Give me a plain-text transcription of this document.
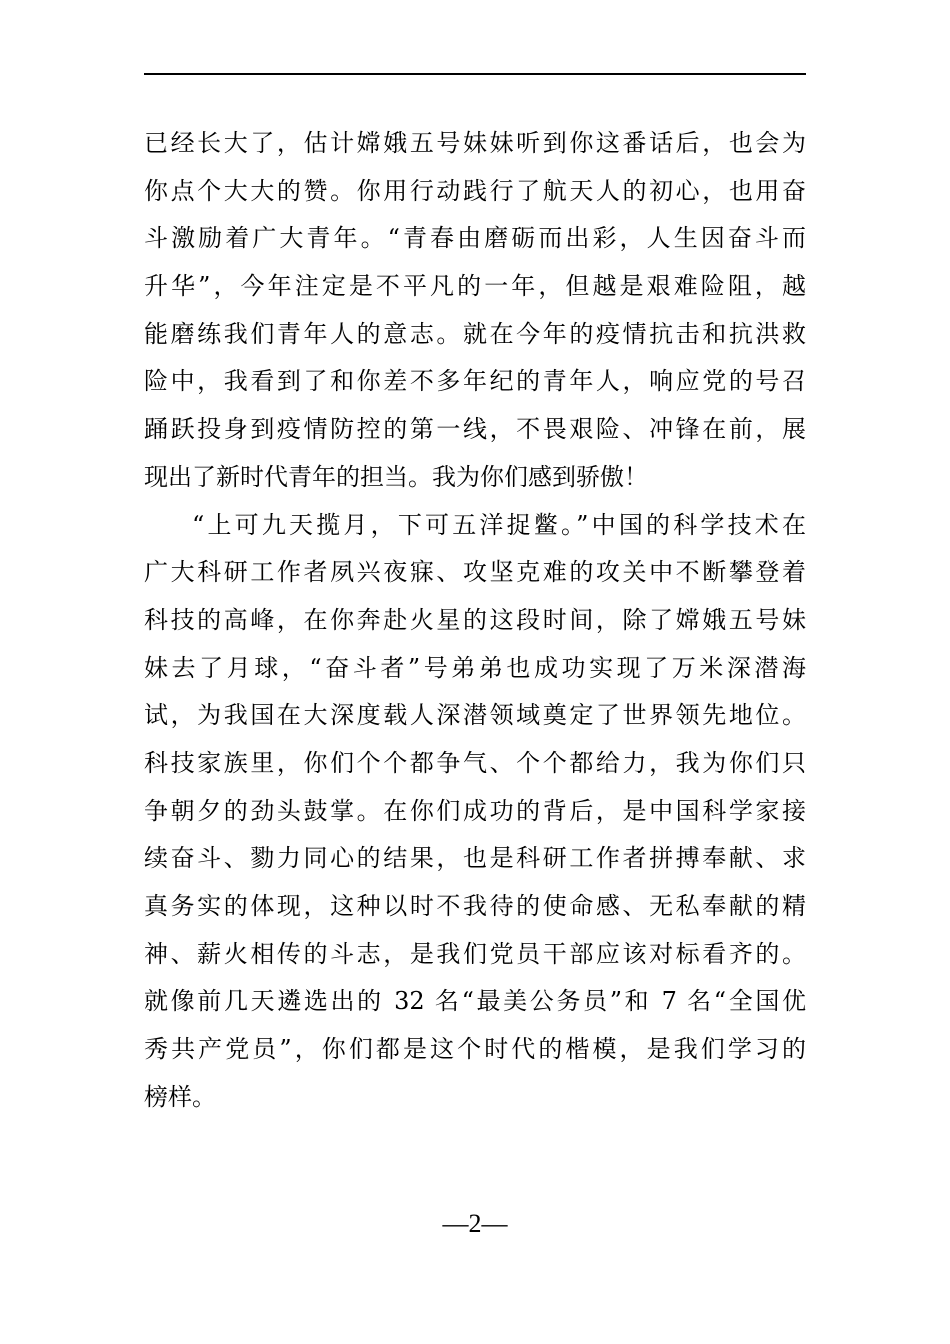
已经长大了，估计嫦娥五号妹妹听到你这番话后，也会为
你点个大大的赞。你用行动践行了航天人的初心，也用奋
斗激励着广大青年。“青春由磨砺而出彩，人生因奋斗而
升华”，今年注定是不平凡的一年，但越是艰难险阻，越
能磨练我们青年人的意志。就在今年的疫情抗击和抗洪救
险中，我看到了和你差不多年纪的青年人，响应党的号召
踊跃投身到疫情防控的第一线，不畏艰险、冲锋在前，展
现出了新时代青年的担当。我为你们感到骄傲！
“上可九天揽月，下可五洋捉鳖。”中国的科学技术在
广大科研工作者夙兴夜寐、攻坚克难的攻关中不断攀登着
科技的高峰，在你奔赴火星的这段时间，除了嫦娥五号妹
妹去了月球，“奋斗者”号弟弟也成功实现了万米深潜海
试，为我国在大深度载人深潜领域奠定了世界领先地位。
科技家族里，你们个个都争气、个个都给力，我为你们只
争朝夕的劲头鼓掌。在你们成功的背后，是中国科学家接
续奋斗、勠力同心的结果，也是科研工作者拼搏奉献、求
真务实的体现，这种以时不我待的使命感、无私奉献的精
神、薪火相传的斗志，是我们党员干部应该对标看齐的。
就像前几天遴选出的 32 名“最美公务员”和 7 名“全国优
秀共产党员”，你们都是这个时代的楷模，是我们学习的
榜样。
—2—
